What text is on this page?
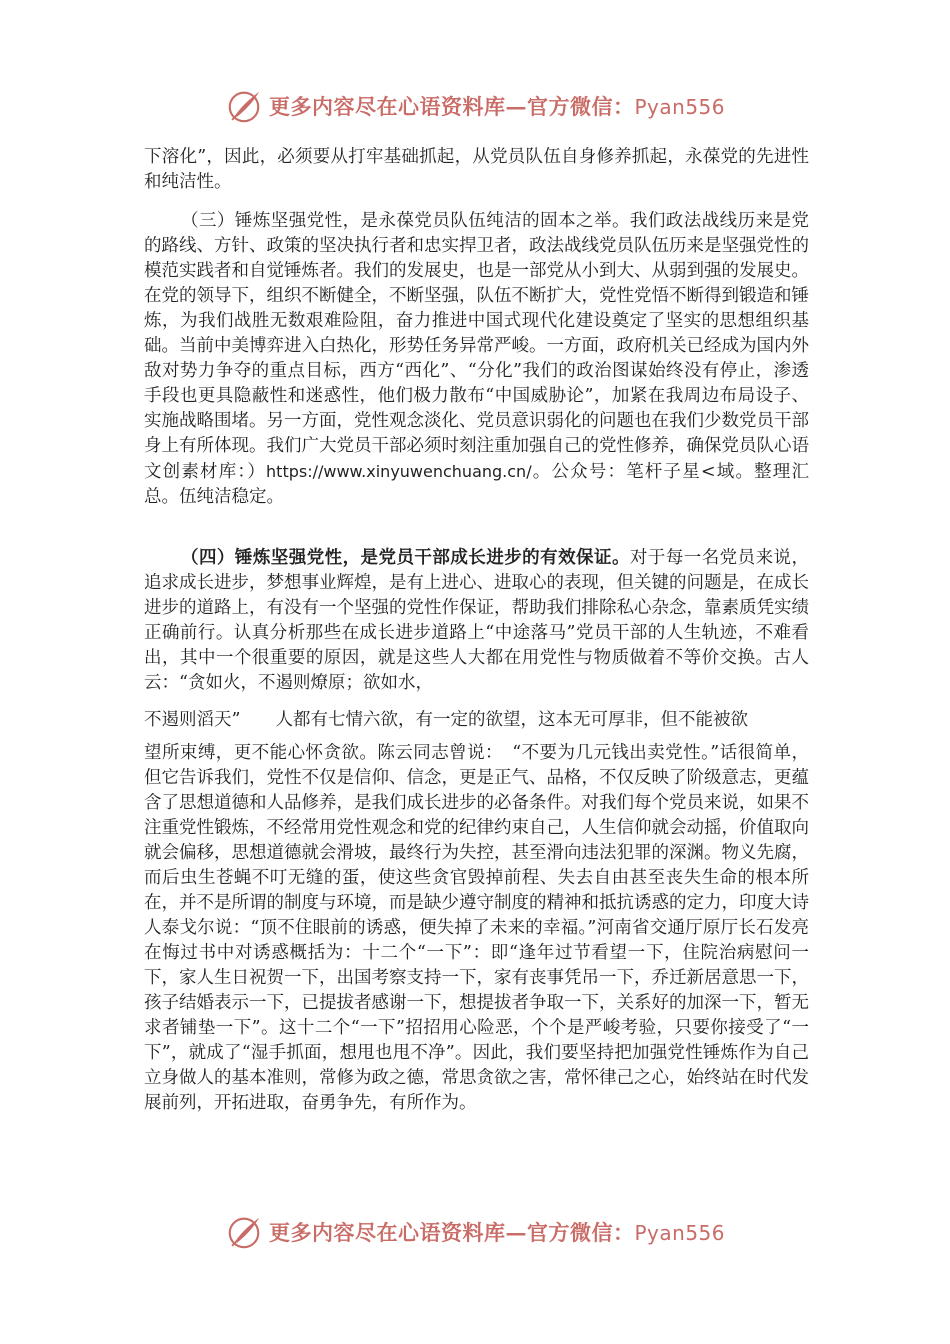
更多内容尽在心语资料库—官方微信：Pyan556
下溶化”，因此，必须要从打牢基础抓起，从党员队伍自身修养抓起，永葆党的先进性和纯洁性。
（三）锤炼坚强党性，是永葆党员队伍纯洁的固本之举。我们政法战线历来是党的路线、方针、政策的坚决执行者和忠实捍卫者，政法战线党员队伍历来是坚强党性的模范实践者和自觉锤炼者。我们的发展史，也是一部党从小到大、从弱到强的发展史。在党的领导下，组织不断健全，不断坚强，队伍不断扩大，党性党悟不断得到锻造和锤炼，为我们战胜无数艰难险阻，奋力推进中国式现代化建设奠定了坚实的思想组织基础。当前中美博弈进入白热化，形势任务异常严峻。一方面，政府机关已经成为国内外敌对势力争夺的重点目标，西方“西化”、“分化”我们的政治图谋始终没有停止，渗透手段也更具隐蔽性和迷惑性，他们极力散布“中国威胁论”，加紧在我周边布局设子、实施战略围堵。另一方面，党性观念淡化、党员意识弱化的问题也在我们少数党员干部身上有所体现。我们广大党员干部必须时刻注重加强自己的党性修养，确保党员队心语文创素材库：）https://www.xinyuwenchuang.cn/。公众号：笔杆子星<域。整理汇总。伍纯洁稳定。
（四）锤炼坚强党性，是党员干部成长进步的有效保证。对于每一名党员来说，追求成长进步，梦想事业辉煌，是有上进心、进取心的表现，但关键的问题是，在成长进步的道路上，有没有一个坚强的党性作保证，帮助我们排除私心杂念，靠素质凭实绩正确前行。认真分析那些在成长进步道路上“中途落马”党员干部的人生轨迹，不难看出，其中一个很重要的原因，就是这些人大都在用党性与物质做着不等价交换。古人云：“贪如火，不遏则燎原；欲如水，
不遏则滔天”　　人都有七情六欲，有一定的欲望，这本无可厚非，但不能被欲
望所束缚，更不能心怀贪欲。陈云同志曾说：　“不要为几元钱出卖党性。”话很简单，但它告诉我们，党性不仅是信仰、信念，更是正气、品格，不仅反映了阶级意志，更蕴含了思想道德和人品修养，是我们成长进步的必备条件。对我们每个党员来说，如果不注重党性锻炼，不经常用党性观念和党的纪律约束自己，人生信仰就会动摇，价值取向就会偏移，思想道德就会滑坡，最终行为失控，甚至滑向违法犯罪的深渊。物义先腐，而后虫生苍蝇不叮无缝的蛋，使这些贪官毁掉前程、失去自由甚至丧失生命的根本所在，并不是所谓的制度与环境，而是缺少遵守制度的精神和抵抗诱惑的定力，印度大诗人泰戈尔说：“顶不住眼前的诱惑，便失掉了未来的幸福。”河南省交通厅原厅长石发亮在悔过书中对诱惑概括为：十二个“一下”：即“逢年过节看望一下，住院治病慰问一下，家人生日祝贺一下，出国考察支持一下，家有丧事凭吊一下，乔迁新居意思一下，孩子结婚表示一下，已提拔者感谢一下，想提拔者争取一下，关系好的加深一下，暂无求者铺垫一下”。这十二个“一下”招招用心险恶，个个是严峻考验，只要你接受了“一下”，就成了“湿手抓面，想甩也甩不净”。因此，我们要坚持把加强党性锤炼作为自己立身做人的基本准则，常修为政之德，常思贪欲之害，常怀律己之心，始终站在时代发展前列，开拓进取，奋勇争先，有所作为。
更多内容尽在心语资料库—官方微信：Pyan556
